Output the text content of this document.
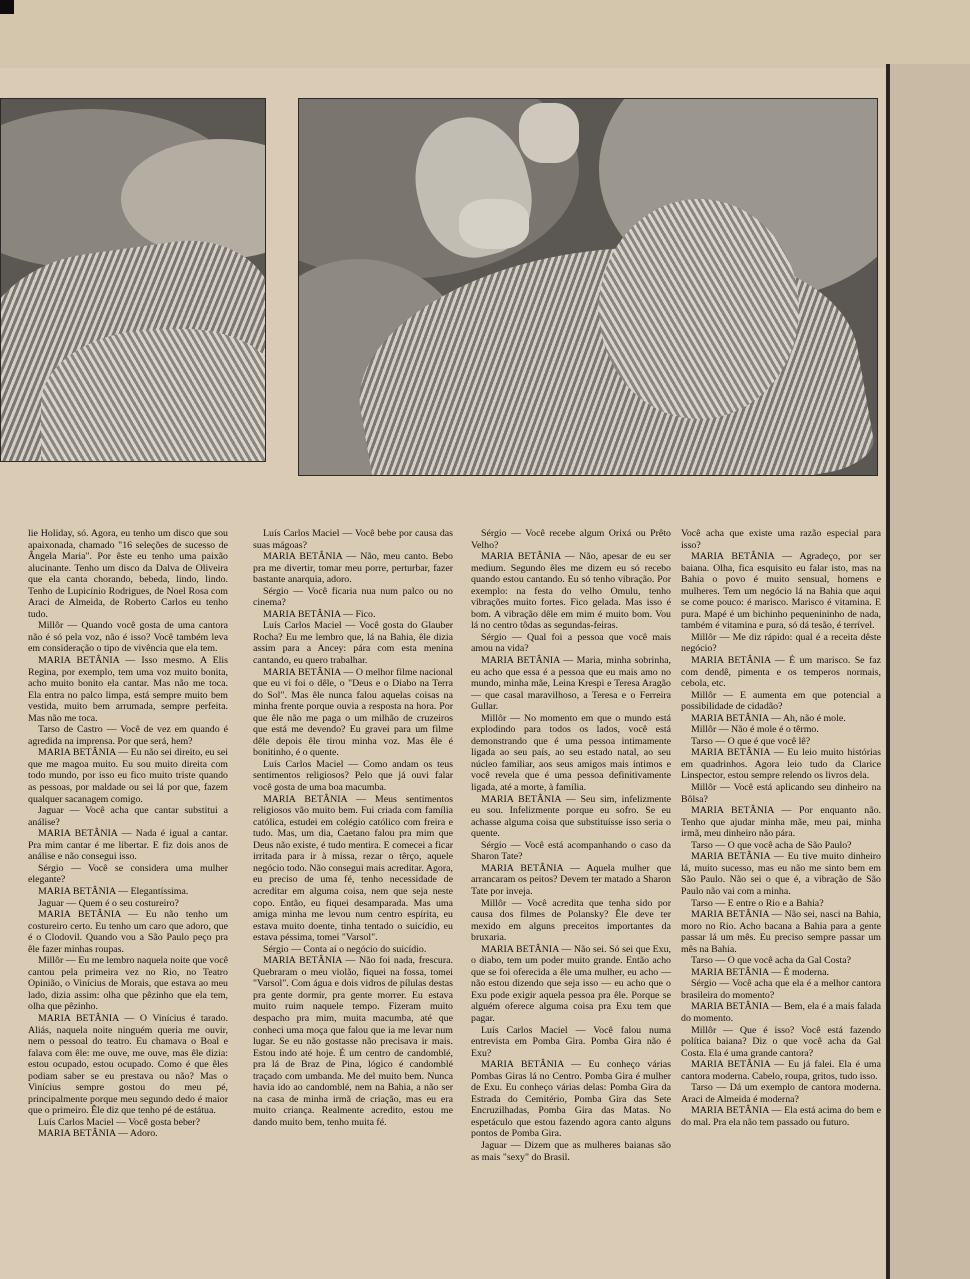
lie Holiday, só. Agora, eu tenho um disco que sou apaixonada, chamado "16 seleções de sucesso de Ângela Maria". Por êste eu tenho uma paixão alucinante. Tenho um disco da Dalva de Oliveira que ela canta chorando, bebeda, lindo, lindo. Tenho de Lupicínio Rodrigues, de Noel Rosa com Araci de Almeida, de Roberto Carlos eu tenho tudo.

Millôr — Quando você gosta de uma cantora não é só pela voz, não é isso? Você também leva em consideração o tipo de vivência que ela tem.

MARIA BETÂNIA — Isso mesmo. A Elis Regina, por exemplo, tem uma voz muito bonita, acho muito bonito ela cantar. Mas não me toca. Ela entra no palco limpa, está sempre muito bem vestida, muito bem arrumada, sempre perfeita. Mas não me toca.

Tarso de Castro — Você de vez em quando é agredida na imprensa. Por que será, hem?

MARIA BETÂNIA — Eu não sei direito, eu sei que me magoa muito. Eu sou muito direita com todo mundo, por isso eu fico muito triste quando as pessoas, por maldade ou sei lá por que, fazem qualquer sacanagem comigo.

Jaguar — Você acha que cantar substitui a análise?

MARIA BETÂNIA — Nada é igual a cantar. Pra mim cantar é me libertar. E fiz dois anos de análise e não consegui isso.

Sérgio — Você se considera uma mulher elegante?

MARIA BETÂNIA — Elegantíssima.

Jaguar — Quem é o seu costureiro?

MARIA BETÂNIA — Eu não tenho um costureiro certo. Eu tenho um caro que adoro, que é o Clodovil. Quando vou a São Paulo peço pra êle fazer minhas roupas.

Millôr — Eu me lembro naquela noite que você cantou pela primeira vez no Rio, no Teatro Opinião, o Vinícius de Morais, que estava ao meu lado, dizia assim: olha que pêzinho que ela tem, olha que pêzinho.

MARIA BETÂNIA — O Vinícius é tarado. Aliás, naquela noite ninguém queria me ouvir, nem o pessoal do teatro. Eu chamava o Boal e falava com êle: me ouve, me ouve, mas êle dizia: estou ocupado, estou ocupado. Como é que êles podiam saber se eu prestava ou não? Mas o Vinícius sempre gostou do meu pé, principalmente porque meu segundo dedo é maior que o primeiro. Êle diz que tenho pé de estátua.

Luís Carlos Maciel — Você gosta beber?

MARIA BETÂNIA — Adoro.

Luís Carlos Maciel — Você bebe por causa das suas mágoas?

MARIA BETÂNIA — Não, meu canto. Bebo pra me divertir, tomar meu porre, perturbar, fazer bastante anarquia, adoro.

Sérgio — Você ficaria nua num palco ou no cinema?

MARIA BETÂNIA — Fico.

Luís Carlos Maciel — Você gosta do Glauber Rocha? Eu me lembro que, lá na Bahia, êle dizia assim para a Ancey: pára com esta menina cantando, eu quero trabalhar.

MARIA BETÂNIA — O melhor filme nacional que eu vi foi o dêle, o "Deus e o Diabo na Terra do Sol". Mas êle nunca falou aquelas coisas na minha frente porque ouvia a resposta na hora. Por que êle não me paga o um milhão de cruzeiros que está me devendo? Eu gravei para um filme dêle depois êle tirou minha voz. Mas êle é bonitinho, é o quente.

Luís Carlos Maciel — Como andam os teus sentimentos religiosos? Pelo que já ouvi falar você gosta de uma boa macumba.

MARIA BETÂNIA — Meus sentimentos religiosos vão muito bem. Fui criada com família católica, estudei em colégio católico com freira e tudo. Mas, um dia, Caetano falou pra mim que Deus não existe, é tudo mentira. E comecei a ficar irritada para ir à missa, rezar o têrço, aquele negócio todo. Não consegui mais acreditar. Agora, eu preciso de uma fé, tenho necessidade de acreditar em alguma coisa, nem que seja neste copo. Então, eu fiquei desamparada. Mas uma amiga minha me levou num centro espírita, eu estava muito doente, tinha tentado o suicídio, eu estava péssima, tomei "Varsol".

Sérgio — Conta aí o negócio do suicídio.

MARIA BETÂNIA — Não foi nada, frescura. Quebraram o meu violão, fiquei na fossa, tomei "Varsol". Com água e dois vidros de pílulas destas pra gente dormir, pra gente morrer. Eu estava muito ruim naquele tempo. Fizeram muito despacho pra mim, muita macumba, até que conheci uma moça que falou que ia me levar num lugar. Se eu não gostasse não precisava ir mais. Estou indo até hoje. É um centro de candomblé, pra lá de Braz de Pina, lógico é candomblé traçado com umbanda. Me del muito bem. Nunca havia ido ao candomblé, nem na Bahia, a não ser na casa de minha irmã de criação, mas eu era muito criança. Realmente acredito, estou me dando muito bem, tenho muita fé.

Sérgio — Você recebe algum Orixá ou Prêto Velho?

MARIA BETÂNIA — Não, apesar de eu ser medium. Segundo êles me dizem eu só recebo quando estou cantando. Eu só tenho vibração. Por exemplo: na festa do velho Omulu, tenho vibrações muito fortes. Fico gelada. Mas isso é bom. A vibração dêle em mim é muito bom. Vou lá no centro tôdas as segundas-feiras.

Sérgio — Qual foi a pessoa que você mais amou na vida?

MARIA BETÂNIA — Maria, minha sobrinha, eu acho que essa é a pessoa que eu mais amo no mundo, minha mãe, Leina Krespi e Teresa Aragão — que casal maravilhoso, a Teresa e o Ferreira Gullar.

Millôr — No momento em que o mundo está explodindo para todos os lados, você está demonstrando que é uma pessoa intimamente ligada ao seu país, ao seu estado natal, ao seu núcleo familiar, aos seus amigos mais íntimos e você revela que é uma pessoa definitivamente ligada, até a morte, à família.

MARIA BETÂNIA — Seu sim, infelizmente eu sou. Infelizmente porque eu sofro. Se eu achasse alguma coisa que substituísse isso seria o quente.

Sérgio — Você está acompanhando o caso da Sharon Tate?

MARIA BETÂNIA — Aquela mulher que arrancaram os peitos? Devem ter matado a Sharon Tate por inveja.

Millôr — Você acredita que tenha sido por causa dos filmes de Polansky? Êle deve ter mexido em alguns preceitos importantes da bruxaria.

MARIA BETÂNIA — Não sei. Só sei que Exu, o diabo, tem um poder muito grande. Então acho que se foi oferecida a êle uma mulher, eu acho — não estou dizendo que seja isso — eu acho que o Exu pode exigir aquela pessoa pra êle. Porque se alguém oferece alguma coisa pra Exu tem que pagar.

Luís Carlos Maciel — Você falou numa entrevista em Pomba Gira. Pomba Gira não é Exu?

MARIA BETÂNIA — Eu conheço várias Pombas Giras lá no Centro. Pomba Gira é mulher de Exu. Eu conheço várias delas: Pomba Gira da Estrada do Cemitério, Pomba Gira das Sete Encruzilhadas, Pomba Gira das Matas. No espetáculo que estou fazendo agora canto alguns pontos de Pomba Gira.

Jaguar — Dizem que as mulheres baianas são as mais "sexy" do Brasil.

Você acha que existe uma razão especial para isso?

MARIA BETÂNIA — Agradeço, por ser baiana. Olha, fica esquisito eu falar isto, mas na Bahia o povo é muito sensual, homens e mulheres. Tem um negócio lá na Bahia que aqui se come pouco: é marisco. Marisco é vitamina. E pura. Mapé é um bichinho pequenininho de nada, também é vitamina e pura, só dá tesão, é terrível.

Millôr — Me diz rápido: qual é a receita dêste negócio?

MARIA BETÂNIA — É um marisco. Se faz com dendê, pimenta e os temperos normais, cebola, etc.

Millôr — E aumenta em que potencial a possibilidade de cidadão?

MARIA BETÂNIA — Ah, não é mole.

Millôr — Não é mole é o têrmo.

Tarso — O que é que você lê?

MARIA BETÂNIA — Eu leio muito histórias em quadrinhos. Agora leio tudo da Clarice Linspector, estou sempre relendo os livros dela.

Millôr — Você está aplicando seu dinheiro na Bôlsa?

MARIA BETÂNIA — Por enquanto não. Tenho que ajudar minha mãe, meu pai, minha irmã, meu dinheiro não pára.

Tarso — O que você acha de São Paulo?

MARIA BETÂNIA — Eu tive muito dinheiro lá, muito sucesso, mas eu não me sinto bem em São Paulo. Não sei o que é, a vibração de São Paulo não vai com a minha.

Tarso — E entre o Rio e a Bahia?

MARIA BETÂNIA — Não sei, nasci na Bahia, moro no Rio. Acho bacana a Bahia para a gente passar lá um mês. Eu preciso sempre passar um mês na Bahia.

Tarso — O que você acha da Gal Costa?

MARIA BETÂNIA — É moderna.

Sérgio — Você acha que ela é a melhor cantora brasileira do momento?

MARIA BETÂNIA — Bem, ela é a mais falada do momento.

Millôr — Que é isso? Você está fazendo política baiana? Diz o que você acha da Gal Costa. Ela é uma grande cantora?

MARIA BETÂNIA — Eu já falei. Ela é uma cantora moderna. Cabelo, roupa, gritos, tudo isso.

Tarso — Dá um exemplo de cantora moderna. Araci de Almeida é moderna?

MARIA BETÂNIA — Ela está acima do bem e do mal. Pra ela não tem passado ou futuro.
